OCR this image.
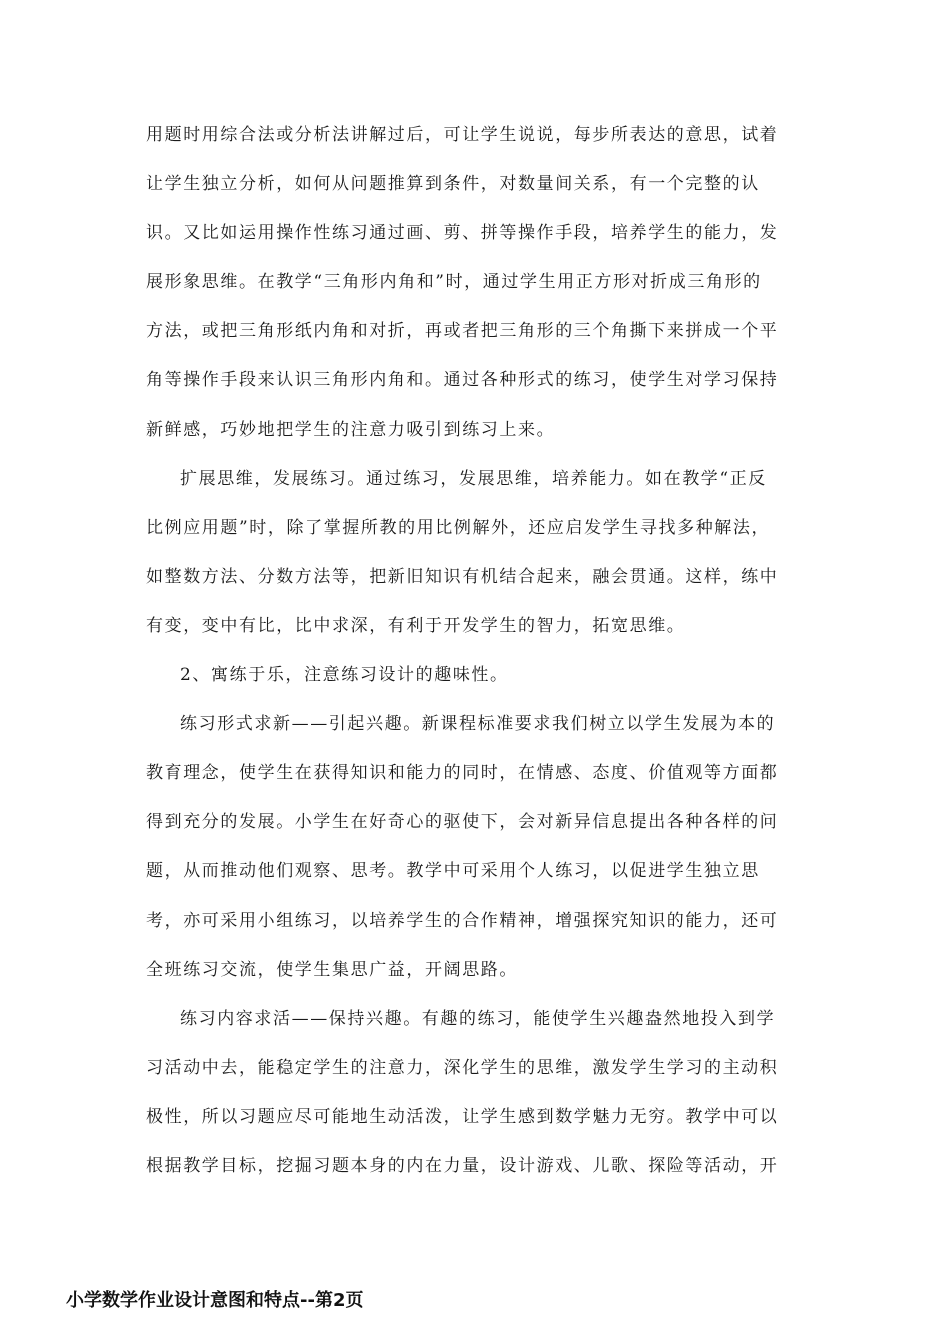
用题时用综合法或分析法讲解过后，可让学生说说，每步所表达的意思，试着
让学生独立分析，如何从问题推算到条件，对数量间关系，有一个完整的认
识。又比如运用操作性练习通过画、剪、拼等操作手段，培养学生的能力，发
展形象思维。在教学“三角形内角和”时，通过学生用正方形对折成三角形的
方法，或把三角形纸内角和对折，再或者把三角形的三个角撕下来拼成一个平
角等操作手段来认识三角形内角和。通过各种形式的练习，使学生对学习保持
新鲜感，巧妙地把学生的注意力吸引到练习上来。
扩展思维，发展练习。通过练习，发展思维，培养能力。如在教学“正反
比例应用题”时，除了掌握所教的用比例解外，还应启发学生寻找多种解法，
如整数方法、分数方法等，把新旧知识有机结合起来，融会贯通。这样，练中
有变，变中有比，比中求深，有利于开发学生的智力，拓宽思维。
2、寓练于乐，注意练习设计的趣味性。
练习形式求新——引起兴趣。新课程标准要求我们树立以学生发展为本的
教育理念，使学生在获得知识和能力的同时，在情感、态度、价值观等方面都
得到充分的发展。小学生在好奇心的驱使下，会对新异信息提出各种各样的问
题，从而推动他们观察、思考。教学中可采用个人练习，以促进学生独立思
考，亦可采用小组练习，以培养学生的合作精神，增强探究知识的能力，还可
全班练习交流，使学生集思广益，开阔思路。
练习内容求活——保持兴趣。有趣的练习，能使学生兴趣盎然地投入到学
习活动中去，能稳定学生的注意力，深化学生的思维，激发学生学习的主动积
极性，所以习题应尽可能地生动活泼，让学生感到数学魅力无穷。教学中可以
根据教学目标，挖掘习题本身的内在力量，设计游戏、儿歌、探险等活动，开
小学数学作业设计意图和特点--第2页
